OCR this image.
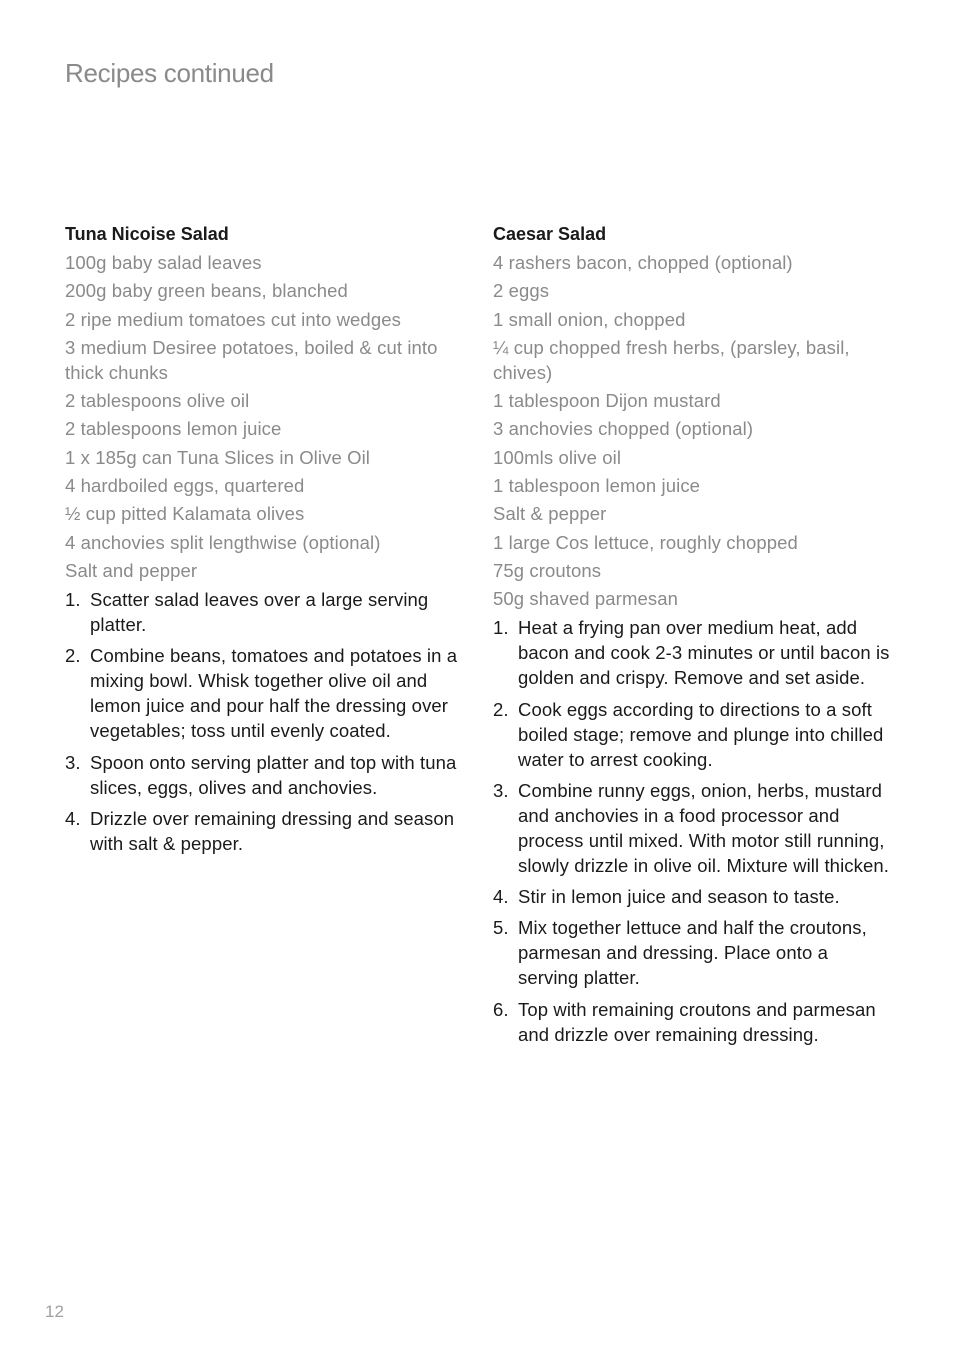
Recipes continued
Tuna Nicoise Salad
100g baby salad leaves
200g baby green beans, blanched
2 ripe medium tomatoes cut into wedges
3 medium Desiree potatoes, boiled & cut into thick chunks
2 tablespoons olive oil
2 tablespoons lemon juice
1 x 185g can Tuna Slices in Olive Oil
4 hardboiled eggs, quartered
½ cup pitted Kalamata olives
4 anchovies split lengthwise (optional)
Salt and pepper
1. Scatter salad leaves over a large serving platter.
2. Combine beans, tomatoes and potatoes in a mixing bowl. Whisk together olive oil and lemon juice and pour half the dressing over vegetables; toss until evenly coated.
3. Spoon onto serving platter and top with tuna slices, eggs, olives and anchovies.
4. Drizzle over remaining dressing and season with salt & pepper.
Caesar Salad
4 rashers bacon, chopped (optional)
2 eggs
1 small onion, chopped
¼ cup chopped fresh herbs, (parsley, basil, chives)
1 tablespoon Dijon mustard
3 anchovies chopped (optional)
100mls olive oil
1 tablespoon lemon juice
Salt & pepper
1 large Cos lettuce, roughly chopped
75g croutons
50g shaved parmesan
1. Heat a frying pan over medium heat, add bacon and cook 2-3 minutes or until bacon is golden and crispy. Remove and set aside.
2. Cook eggs according to directions to a soft boiled stage; remove and plunge into chilled water to arrest cooking.
3. Combine runny eggs, onion, herbs, mustard and anchovies in a food processor and process until mixed. With motor still running, slowly drizzle in olive oil. Mixture will thicken.
4. Stir in lemon juice and season to taste.
5. Mix together lettuce and half the croutons, parmesan and dressing. Place onto a serving platter.
6. Top with remaining croutons and parmesan and drizzle over remaining dressing.
12
